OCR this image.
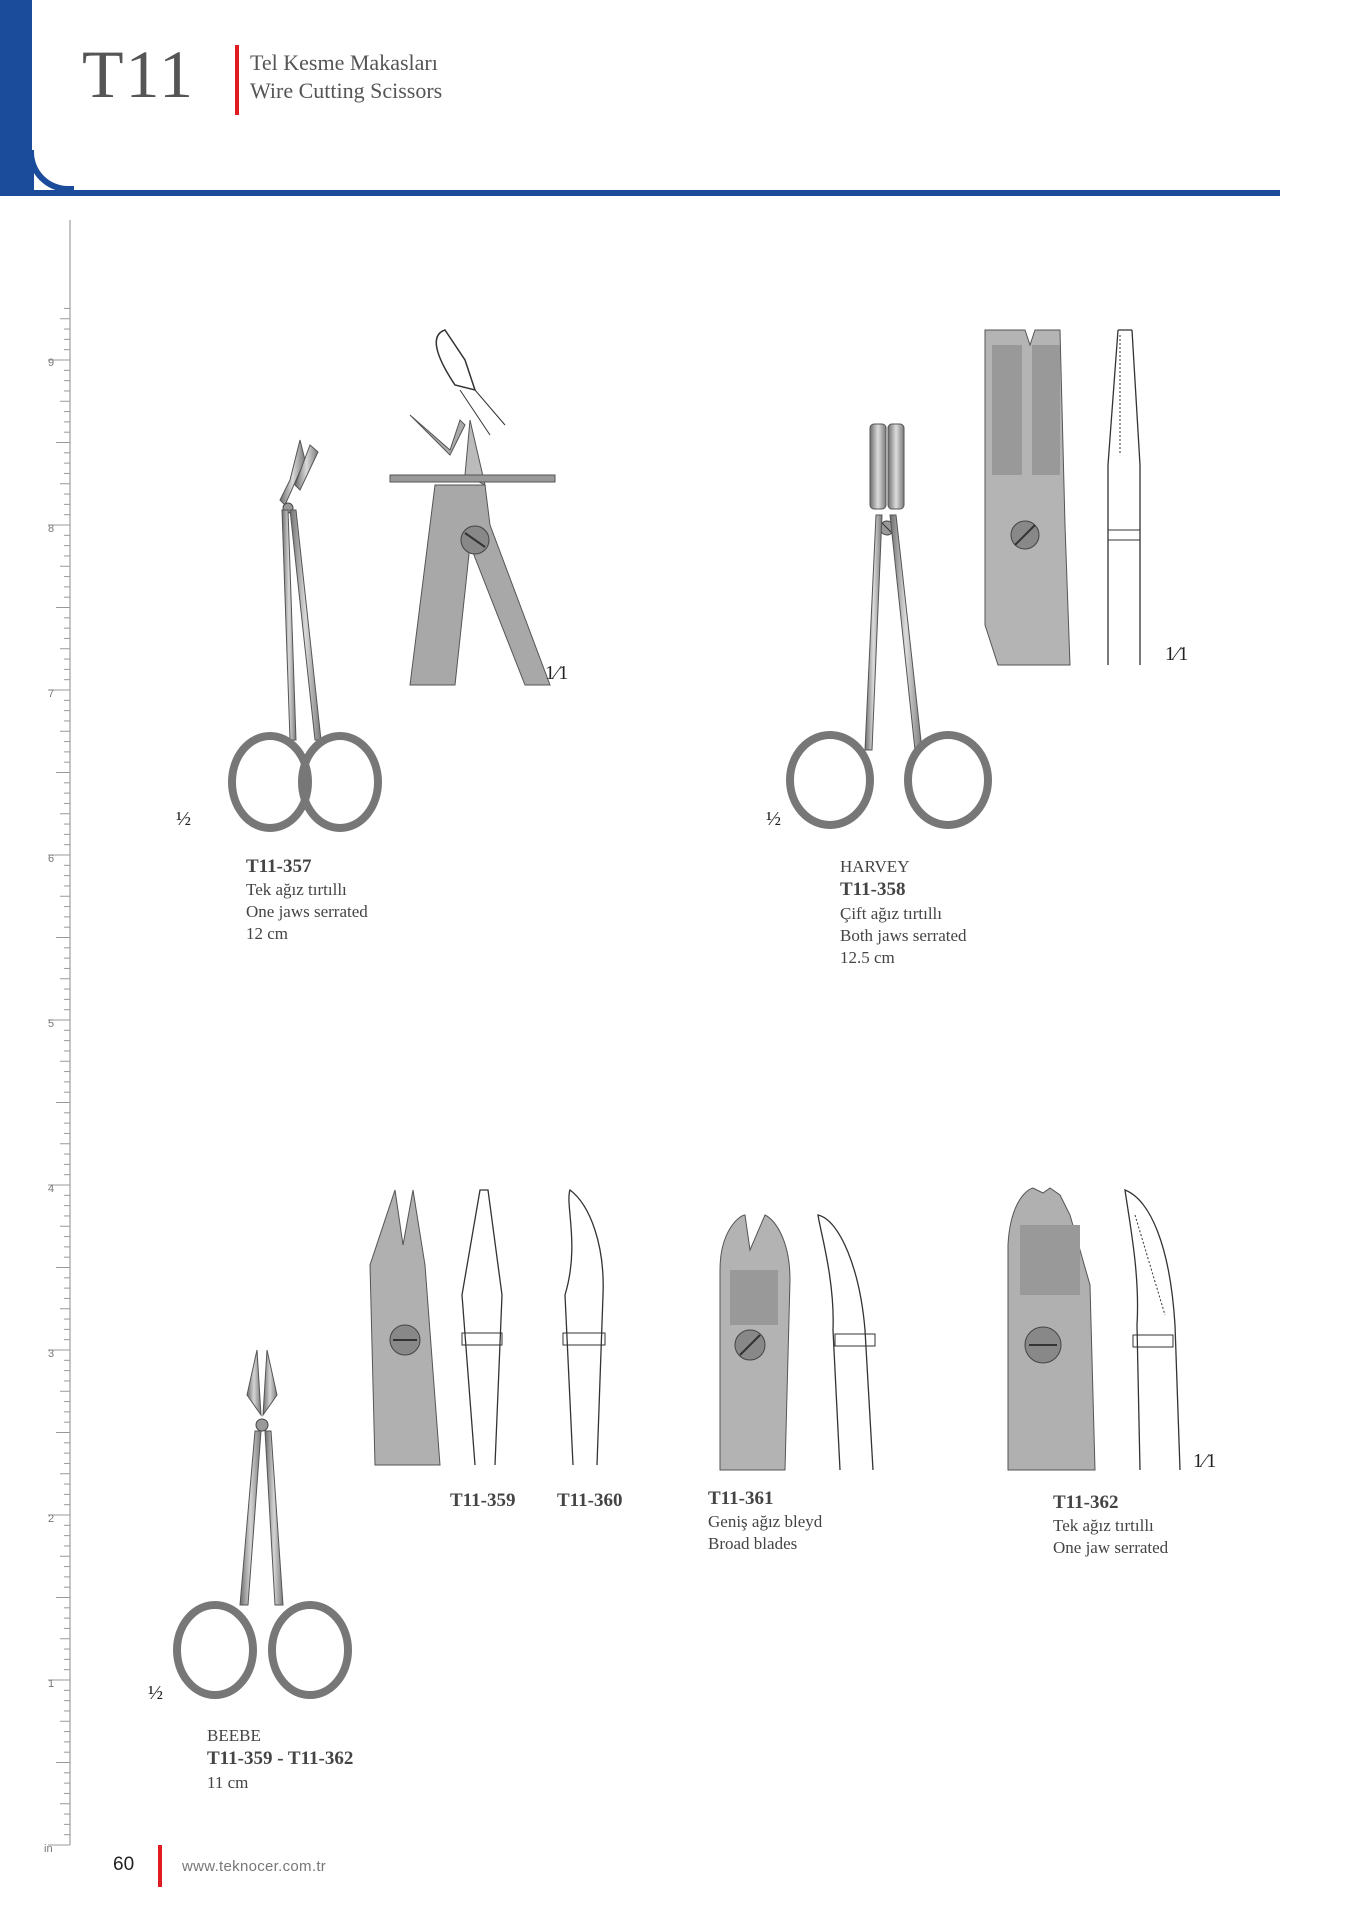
T11 Tel Kesme Makasları
Wire Cutting Scissors
9
8
7
6
5
4
3
2
1
in
½
1⁄1
T11-357
Tek ağız tırtıllı
One jaws serrated
12 cm
½
1⁄1
HARVEY
T11-358
Çift ağız tırtıllı
Both jaws serrated
12.5 cm
½
BEEBE
T11-359 - T11-362
11 cm
T11-359 T11-360	T11-361
Geniş ağız bleyd
Broad blades
1⁄1
T11-362
Tek ağız tırtıllı
One jaw serrated
60	www.teknocer.com.tr
